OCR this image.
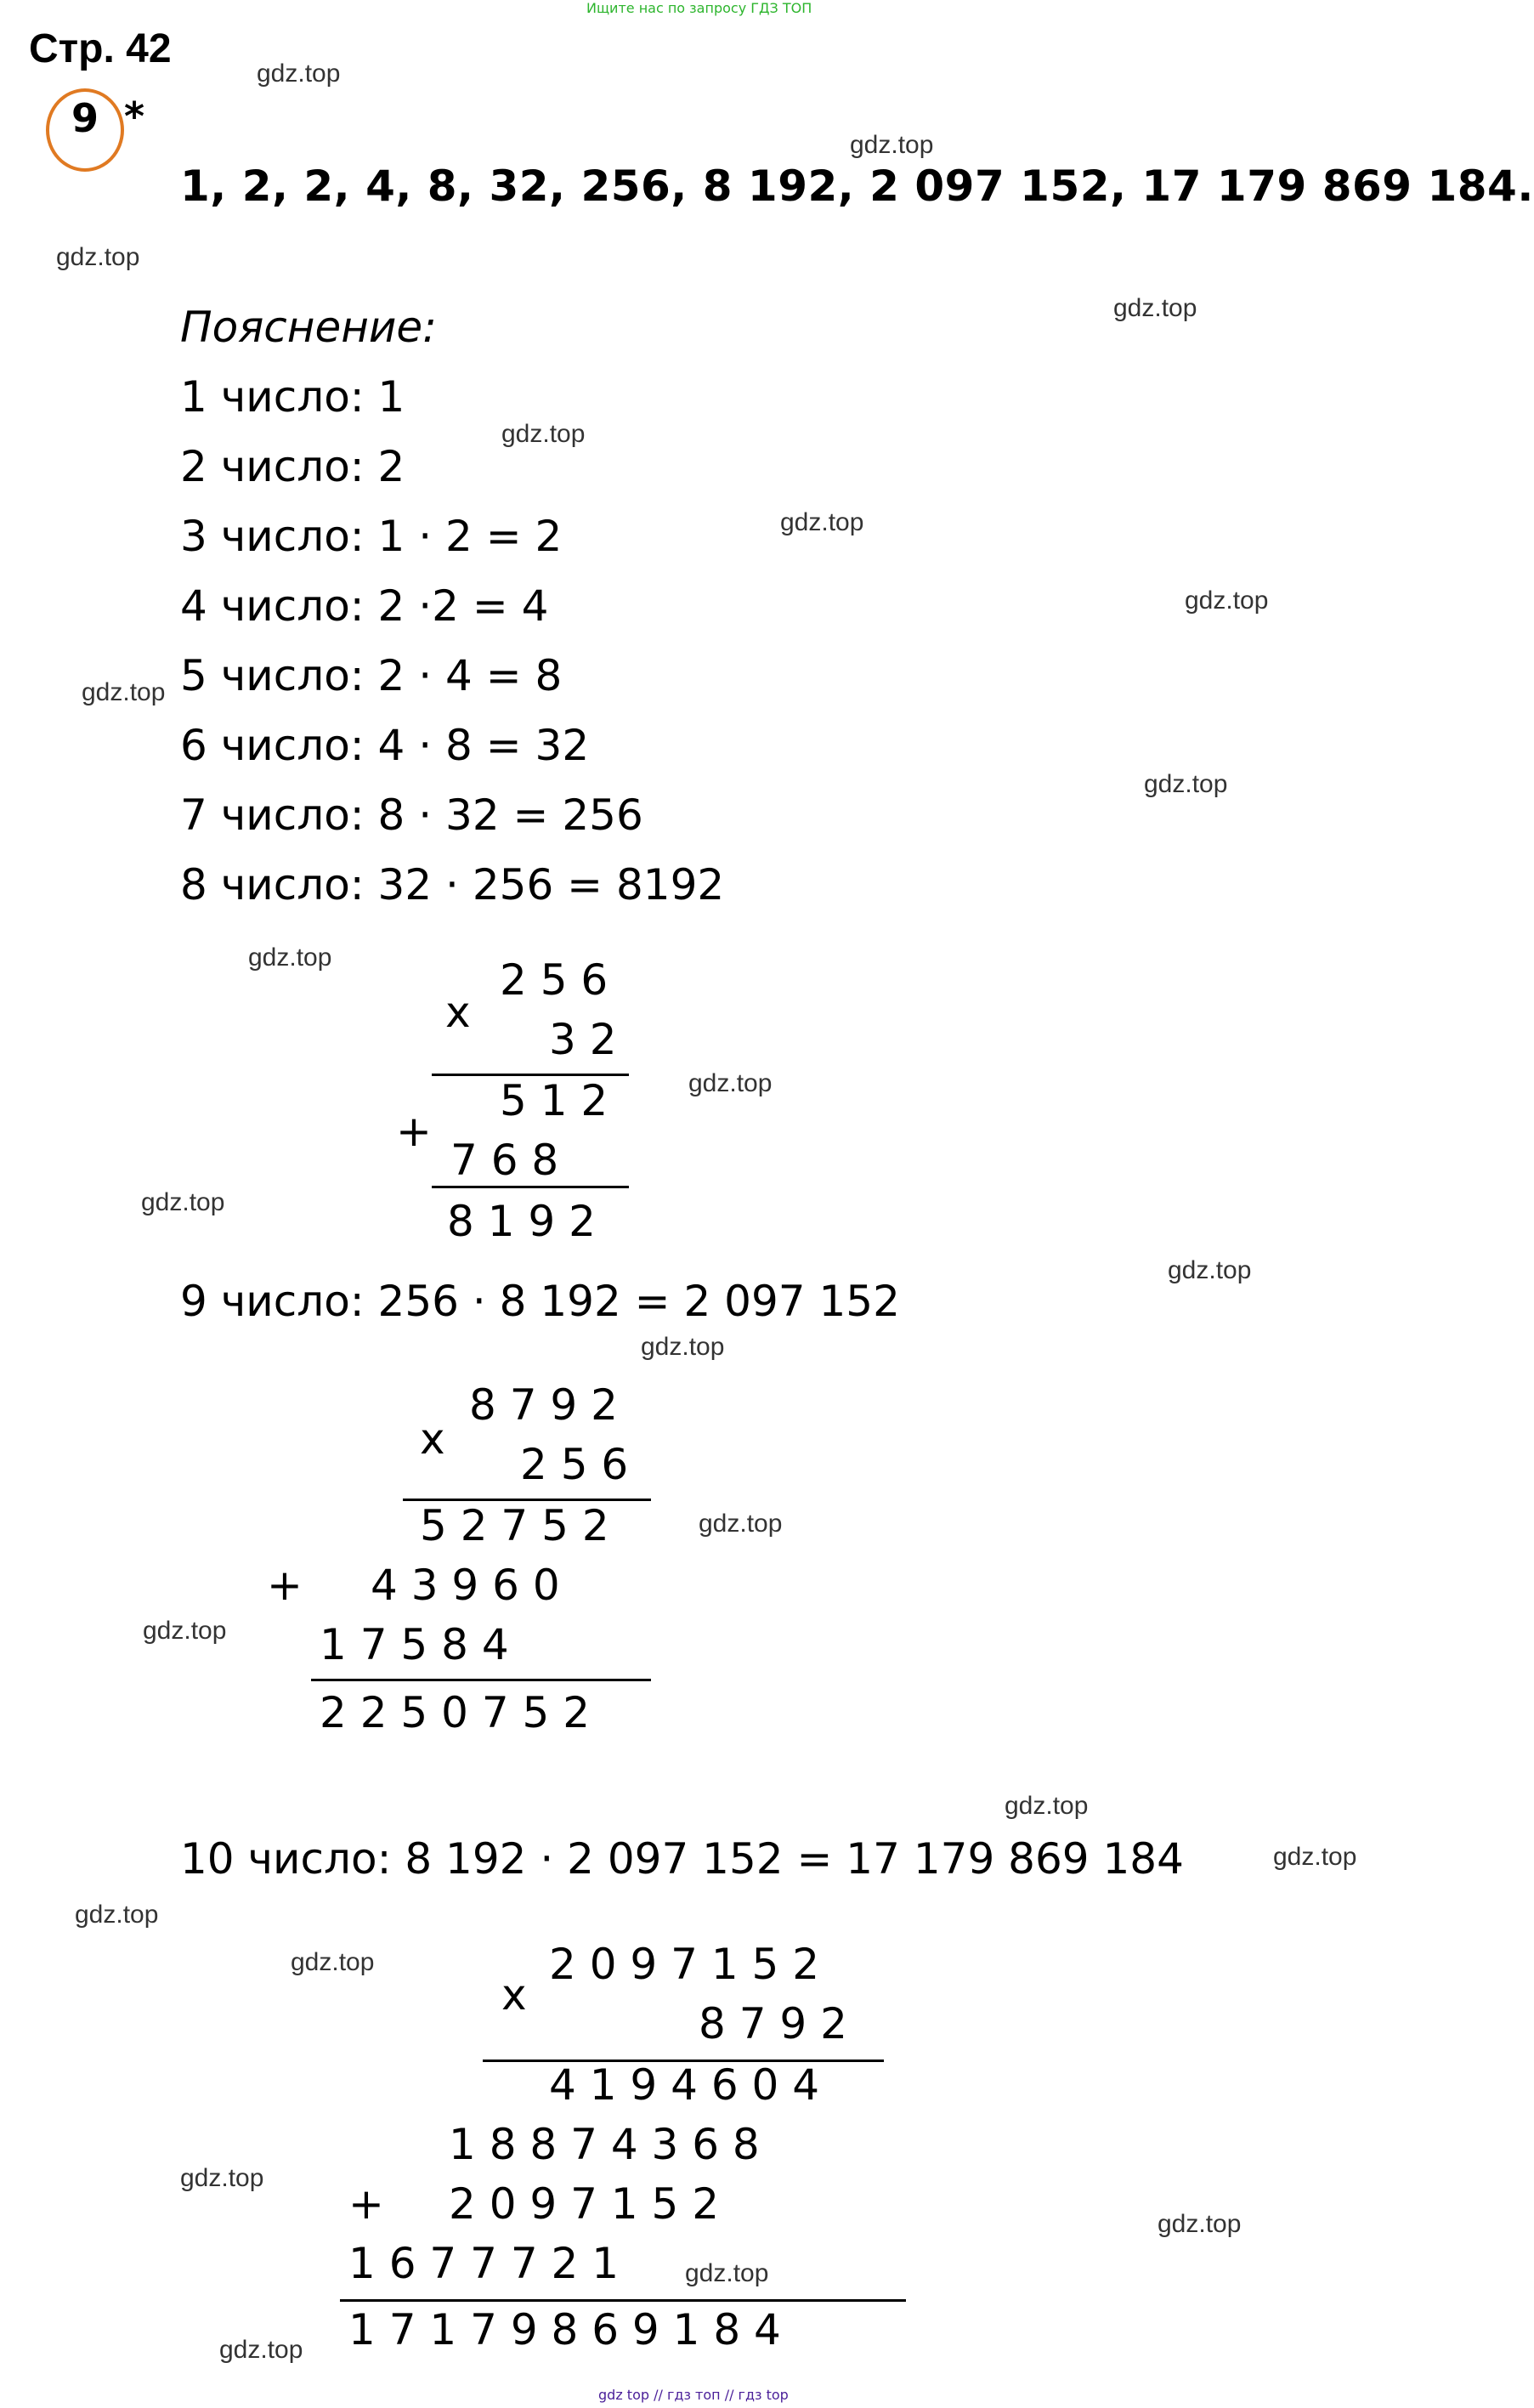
Ищите нас по запросу ГДЗ ТОП
Стр. 42
9 *
1, 2, 2, 4, 8, 32, 256, 8 192, 2 097 152, 17 179 869 184.
Пояснение:
1 число: 1
2 число: 2
3 число: 1 · 2 = 2
4 число: 2 ·2 = 4
5 число: 2 · 4 = 8
6 число: 4 · 8 = 32
7 число: 8 · 32 = 256
8 число: 32 · 256 = 8192
x
2 5 6
3 2
5 1 2
+
7 6 8
8 1 9 2
9 число: 256 · 8 192 = 2 097 152
x
8 7 9 2
2 5 6
5 2 7 5 2
+ 4 3 9 6 0
1 7 5 8 4
2 2 5 0 7 5 2
10 число: 8 192 · 2 097 152 = 17 179 869 184
x
2 0 9 7 1 5 2
8 7 9 2
4 1 9 4 6 0 4
1 8 8 7 4 3 6 8
+ 2 0 9 7 1 5 2
1 6 7 7 7 2 1
1 7 1 7 9 8 6 9 1 8 4
gdz.top
gdz.top
gdz.top
gdz.top
gdz.top
gdz.top
gdz.top
gdz.top
gdz.top
gdz.top
gdz.top
gdz.top
gdz.top
gdz.top
gdz.top
gdz.top
gdz.top
gdz.top
gdz.top
gdz.top
gdz.top
gdz.top
gdz.top
gdz.top
gdz top // гдз топ // гдз top
